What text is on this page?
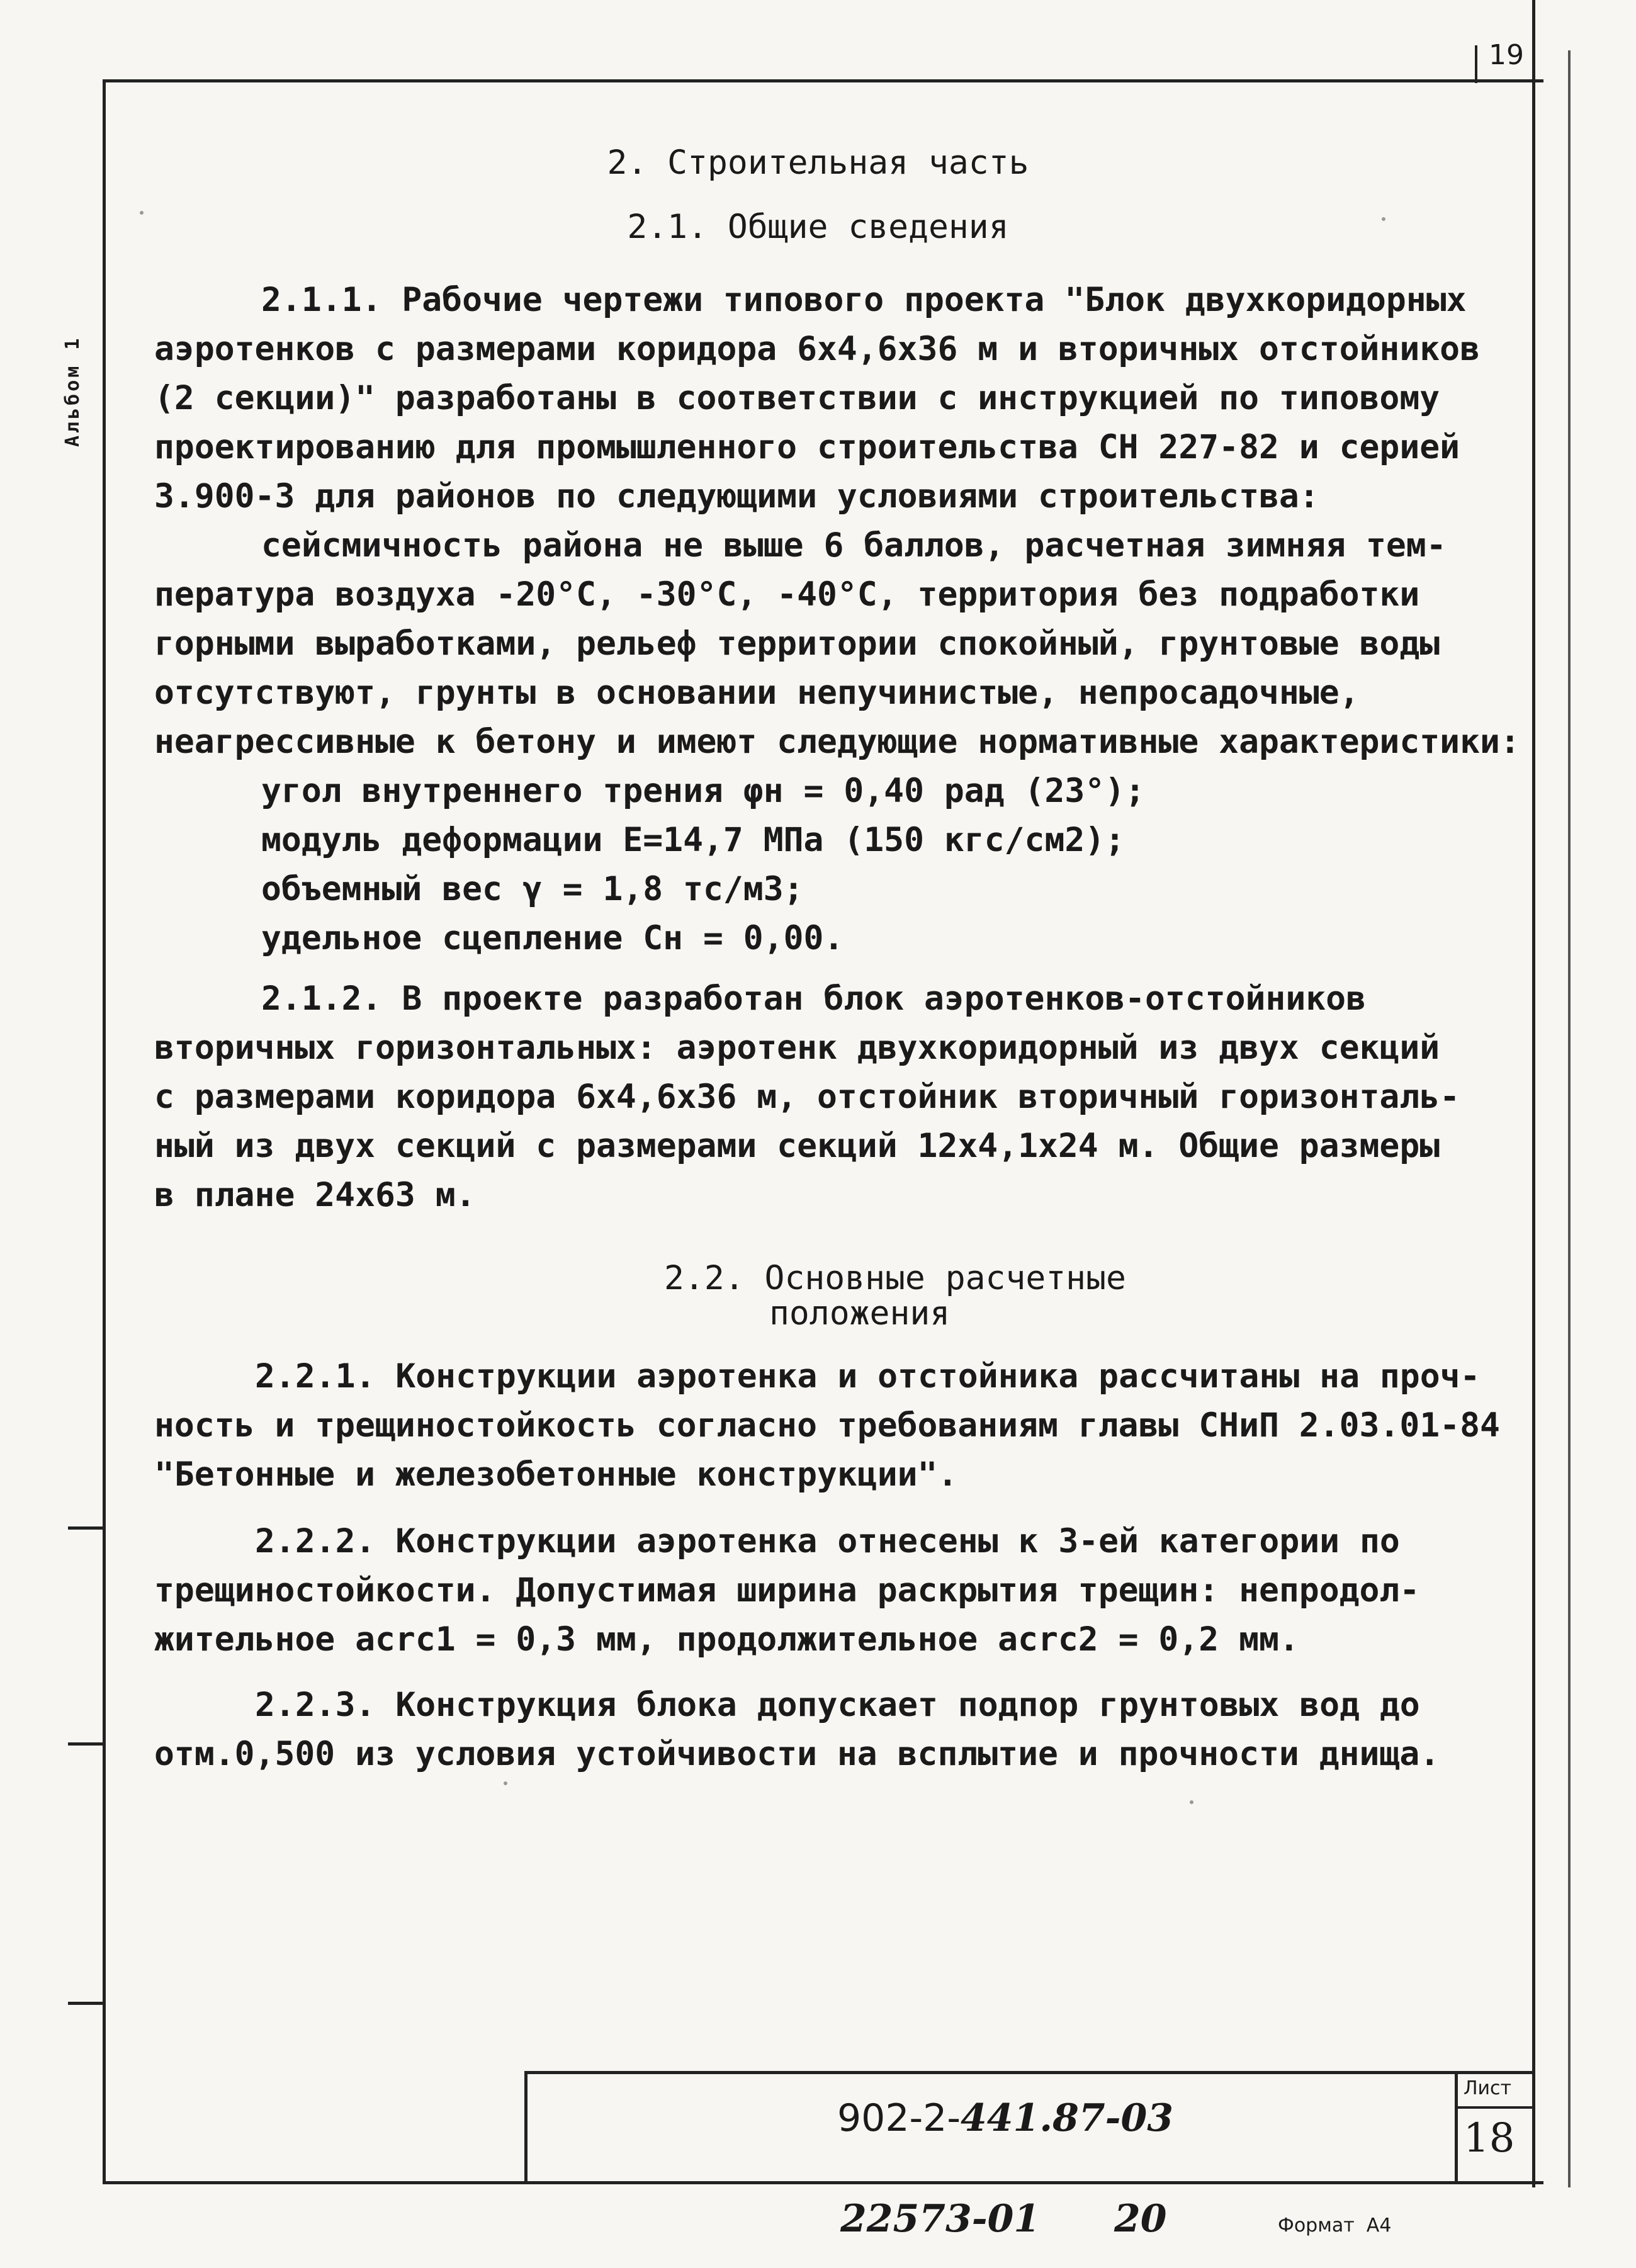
19
Альбом 1
2. Строительная часть
2.1. Общие сведения
2.1.1. Рабочие чертежи типового проекта "Блок двухкоридорных
аэротенков с размерами коридора 6х4,6х36 м и вторичных отстойников
(2 секции)" разработаны в соответствии с инструкцией по типовому
проектированию для промышленного строительства СН 227-82 и серией
3.900-3 для районов по следующими условиями строительства:
сейсмичность района не выше 6 баллов, расчетная зимняя тем-
пература воздуха -20°С, -30°С, -40°С, территория без подработки
горными выработками, рельеф территории спокойный, грунтовые воды
отсутствуют, грунты в основании непучинистые, непросадочные,
неагрессивные к бетону и имеют следующие нормативные характеристики:
угол внутреннего трения φн = 0,40 рад (23°);
модуль деформации Е=14,7 МПа (150 кгс/см2);
объемный вес γ = 1,8 тс/м3;
удельное сцепление Сн = 0,00.
2.1.2. В проекте разработан блок аэротенков-отстойников
вторичных горизонтальных: аэротенк двухкоридорный из двух секций
с размерами коридора 6х4,6х36 м, отстойник вторичный горизонталь-
ный из двух секций с размерами секций 12х4,1х24 м. Общие размеры
в плане 24х63 м.
2.2. Основные расчетные
положения
2.2.1. Конструкции аэротенка и отстойника рассчитаны на проч-
ность и трещиностойкость согласно требованиям главы СНиП 2.03.01-84
"Бетонные и железобетонные конструкции".
2.2.2. Конструкции аэротенка отнесены к 3-ей категории по
трещиностойкости. Допустимая ширина раскрытия трещин: непродол-
жительное acrc1 = 0,3 мм, продолжительное acrc2 = 0,2 мм.
2.2.3. Конструкция блока допускает подпор грунтовых вод до
отм.0,500 из условия устойчивости на всплытие и прочности днища.
Лист
18
902-2-441.87-03
22573-01 20	Формат А4
